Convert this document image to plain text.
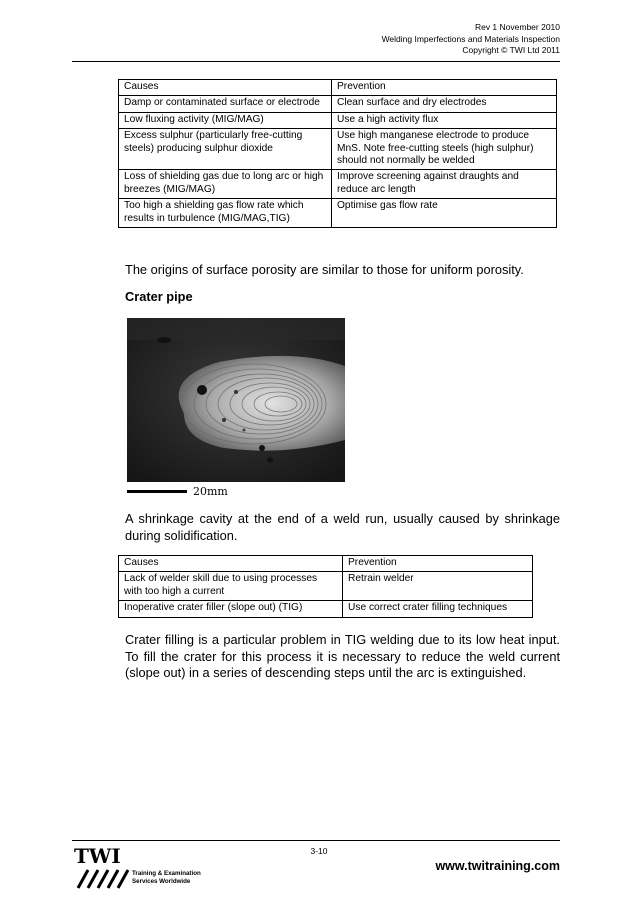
Rev 1 November 2010
Welding Imperfections and Materials Inspection
Copyright © TWI Ltd 2011
Causes	Prevention
Damp or contaminated surface or electrode	Clean surface and dry electrodes
Low fluxing activity (MIG/MAG)	Use a high activity flux
Excess sulphur (particularly free-cutting steels) producing sulphur dioxide	Use high manganese electrode to produce MnS. Note free-cutting steels (high sulphur) should not normally be welded
Loss of shielding gas due to long arc or high breezes (MIG/MAG)	Improve screening against draughts and reduce arc length
Too high a shielding gas flow rate which results in turbulence (MIG/MAG,TIG)	Optimise gas flow rate
The origins of surface porosity are similar to those for uniform porosity.
Crater pipe
20mm
A shrinkage cavity at the end of a weld run, usually caused by shrinkage during solidification.
Causes	Prevention
Lack of welder skill due to using processes with too high a current	Retrain welder
Inoperative crater filler (slope out) (TIG)	Use correct crater filling techniques
Crater filling is a particular problem in TIG welding due to its low heat input. To fill the crater for this process it is necessary to reduce the weld current (slope out) in a series of descending steps until the arc is extinguished.
3-10
TWI
Training & Examination
Services Worldwide
www.twitraining.com
